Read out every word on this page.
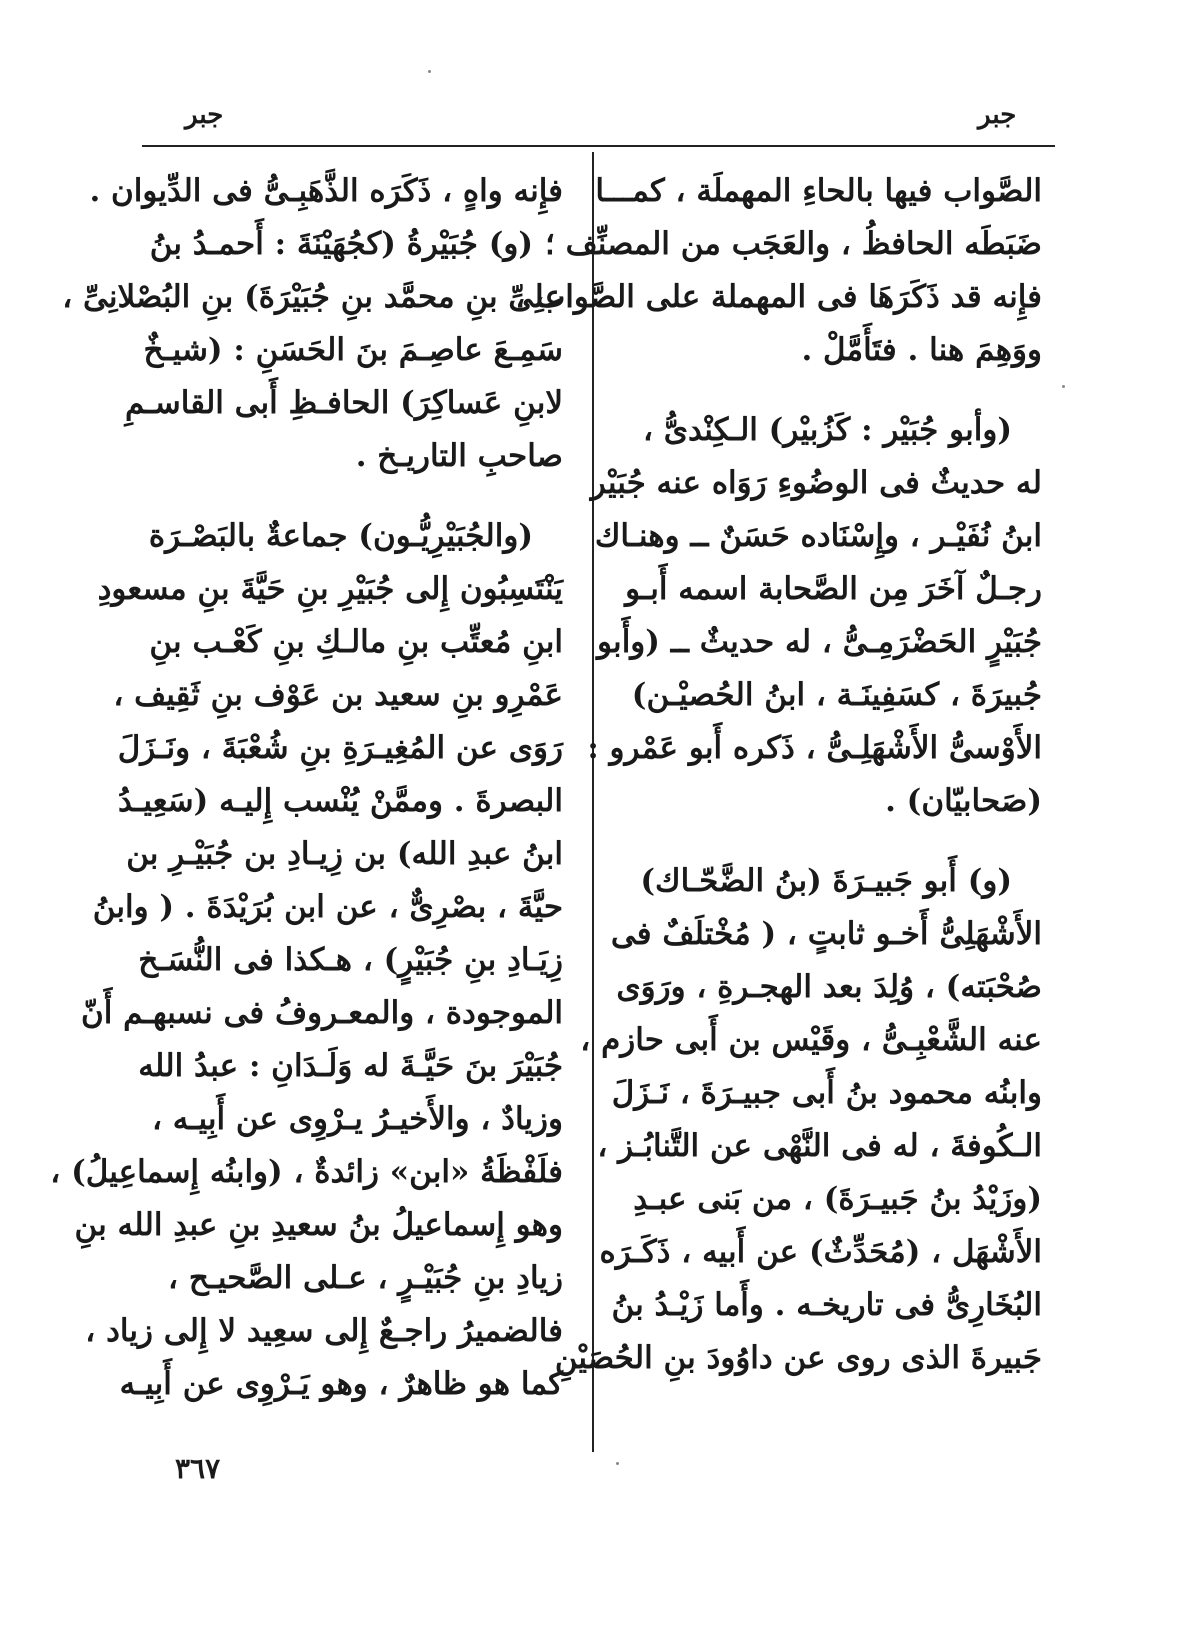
جبر	جبر
الصَّواب فيها بالحاءِ المهملَة ، كمـــا
ضَبَطَه الحافظُ ، والعَجَب من المصنِّف ؛
فإِنه قد ذَكَرَهَا فى المهملة على الصَّواب ،
ووَهِمَ هنا . فتَأَمَّلْ .
(وأبو جُبَيْر : كَزُبيْر) الـكِنْدىُّ ،
له حديثٌ فى الوضُوءِ رَوَاه عنه جُبَيْر
ابنُ نُفَيْـر ، وإِسْنَاده حَسَنٌ ــ وهنـاك
رجـلٌ آخَرَ مِن الصَّحابة اسمه أَبـو
جُبَيْرٍ الحَضْرَمِـىُّ ، له حديثٌ ــ (وأَبو
جُبيرَةَ ، كسَفِينَـة ، ابنُ الحُصيْـن)
الأَوْسىُّ الأَشْهَلِـىُّ ، ذَكره أَبو عَمْرو :
(صَحابيّان) .
(و) أَبو جَبيـرَةَ (بنُ الضَّحّـاك)
الأَشْهَلِىُّ أَخـو ثابتٍ ، ( مُخْتلَفٌ فى
صُحْبَته) ، وُلِدَ بعد الهجـرةِ ، ورَوَى
عنه الشَّعْبِـىُّ ، وقَيْس بن أَبى حازم ،
وابنُه محمود بنُ أَبى جبيـرَةَ ، نَـزَلَ
الـكُوفةَ ، له فى النَّهْى عن التَّنابُـز ،
(وزَيْدُ بنُ جَبيـرَةَ) ، من بَنى عبـدِ
الأَشْهَل ، (مُحَدِّثٌ) عن أَبيه ، ذَكَـرَه
البُخَارِىُّ فى تاريخـه . وأَما زَيْـدُ بنُ
جَبيرةَ الذى روى عن داوُودَ بنِ الحُصَيْنِ
فإِنه واهٍ ، ذَكَرَه الذَّهَبِـىُّ فى الدِّيوان .
(و) جُبَيْرةُ (كجُهَيْنَةَ : أَحمـدُ بنُ
علِىِّ بنِ محمَّد بنِ جُبَيْرَةَ) بنِ البُصْلانِىِّ ،
سَمِـعَ عاصِـمَ بنَ الحَسَنِ : (شيـخٌ
لابنِ عَساكِرَ) الحافـظِ أَبى القاسـمِ
صاحبِ التاريـخ .
(والجُبَيْرِيُّـون) جماعةٌ بالبَصْـرَة
يَنْتَسِبُون إِلى جُبَيْرِ بنِ حَيَّةَ بنِ مسعودِ
ابنِ مُعتِّب بنِ مالـكِ بنِ كَعْـب بنِ
عَمْرِو بنِ سعيد بن عَوْف بنِ ثَقِيف ،
رَوَى عن المُغِيـرَةِ بنِ شُعْبَةَ ، ونَـزَلَ
البصرةَ . وممَّنْ يُنْسب إِليـه (سَعِيـدُ
ابنُ عبدِ الله) بن زِيـادِ بن جُبَيْـرِ بن
حيَّةَ ، بصْرِىٌّ ، عن ابن بُرَيْدَةَ . ( وابنُ
زِيَـادِ بنِ جُبَيْرٍ) ، هـكذا فى النُّسَـخ
الموجودة ، والمعـروفُ فى نسبهـم أَنّ
جُبَيْرَ بنَ حَيَّـةَ له وَلَـدَانِ : عبدُ الله
وزيادٌ ، والأَخيـرُ يـرْوِى عن أَبِيـه ،
فلَفْظَةُ «ابن» زائدةٌ ، (وابنُه إِسماعِيلُ) ،
وهو إِسماعيلُ بنُ سعيدِ بنِ عبدِ الله بنِ
زيادِ بنِ جُبَيْـرٍ ، عـلى الصَّحيـح ،
فالضميرُ راجـعٌ إِلى سعِيد لا إِلى زياد ،
كما هو ظاهرٌ ، وهو يَـرْوِى عن أَبِيـه
٣٦٧
